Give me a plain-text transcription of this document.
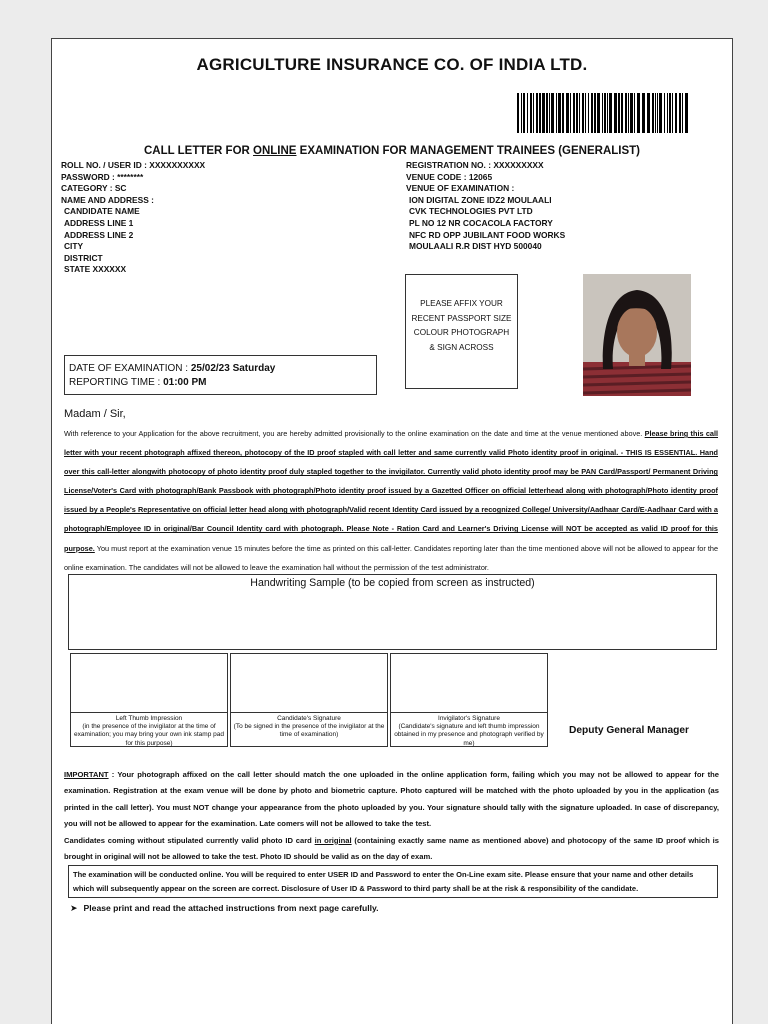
AGRICULTURE INSURANCE CO. OF INDIA LTD.
CALL LETTER FOR ONLINE EXAMINATION FOR MANAGEMENT TRAINEES (GENERALIST)
ROLL NO. / USER ID : XXXXXXXXXX
PASSWORD : ********
CATEGORY : SC
NAME AND ADDRESS :
CANDIDATE NAME
ADDRESS LINE 1
ADDRESS LINE 2
CITY
DISTRICT
STATE XXXXXX
REGISTRATION NO. : XXXXXXXXX
VENUE CODE : 12065
VENUE OF EXAMINATION :
ION DIGITAL ZONE IDZ2 MOULAALI
CVK TECHNOLOGIES PVT LTD
PL NO 12 NR COCACOLA FACTORY
NFC RD OPP JUBILANT FOOD WORKS
MOULAALI R.R DIST HYD 500040
PLEASE AFFIX YOUR
RECENT PASSPORT SIZE
COLOUR PHOTOGRAPH
& SIGN ACROSS
DATE OF EXAMINATION : 25/02/23 Saturday
REPORTING TIME : 01:00 PM
Madam / Sir,
With reference to your Application for the above recruitment, you are hereby admitted provisionally to the online examination on the date and time at the venue mentioned above. Please bring this call letter with your recent photograph affixed thereon, photocopy of the ID proof stapled with call letter and same currently valid Photo identity proof in original. - THIS IS ESSENTIAL. Hand over this call-letter alongwith photocopy of photo identity proof duly stapled together to the invigilator. Currently valid photo identity proof may be PAN Card/Passport/ Permanent Driving License/Voter's Card with photograph/Bank Passbook with photograph/Photo identity proof issued by a Gazetted Officer on official letterhead along with photograph/Photo identity proof issued by a People's Representative on official letter head along with photograph/Valid recent Identity Card issued by a recognized College/ University/Aadhaar Card/E-Aadhaar Card with a photograph/Employee ID in original/Bar Council Identity card with photograph. Please Note - Ration Card and Learner's Driving License will NOT be accepted as valid ID proof for this purpose. You must report at the examination venue 15 minutes before the time as printed on this call-letter. Candidates reporting later than the time mentioned above will not be allowed to appear for the online examination. The candidates will not be allowed to leave the examination hall without the permission of the test administrator.
Handwriting Sample (to be copied from screen as instructed)
Left Thumb Impression
(in the presence of the invigilator at the time of examination; you may bring your own ink stamp pad for this purpose)
Candidate's Signature
(To be signed in the presence of the invigilator at the time of examination)
Invigilator's Signature
(Candidate's signature and left thumb impression obtained in my presence and photograph verified by me)
Deputy General Manager
IMPORTANT : Your photograph affixed on the call letter should match the one uploaded in the online application form, failing which you may not be allowed to appear for the examination. Registration at the exam venue will be done by photo and biometric capture. Photo captured will be matched with the photo uploaded by you in the application (as printed in the call letter). You must NOT change your appearance from the photo uploaded by you. Your signature should tally with the signature uploaded. In case of discrepancy, you will not be allowed to appear for the examination. Late comers will not be allowed to take the test.
Candidates coming without stipulated currently valid photo ID card in original (containing exactly same name as mentioned above) and photocopy of the same ID proof which is brought in original will not be allowed to take the test. Photo ID should be valid as on the day of exam.
The examination will be conducted online. You will be required to enter USER ID and Password to enter the On-Line exam site. Please ensure that your name and other details which will subsequently appear on the screen are correct. Disclosure of User ID & Password to third party shall be at the risk & responsibility of the candidate.
➤ Please print and read the attached instructions from next page carefully.
